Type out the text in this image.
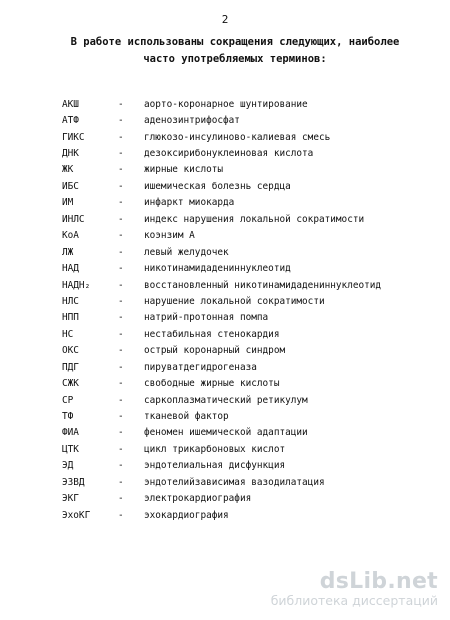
2
В работе использованы сокращения следующих, наиболее
часто употребляемых терминов:
АКШ	-	аорто-коронарное шунтирование
АТФ	-	аденозинтрифосфат
ГИКС	-	глюкозо-инсулиново-калиевая смесь
ДНК	-	дезоксирибонуклеиновая кислота
ЖК	-	жирные кислоты
ИБС	-	ишемическая болезнь сердца
ИМ	-	инфаркт миокарда
ИНЛС	-	индекс нарушения локальной сократимости
КоА	-	коэнзим А
ЛЖ	-	левый желудочек
НАД	-	никотинамидадениннуклеотид
НАДН₂	-	восстановленный никотинамидадениннуклеотид
НЛС	-	нарушение локальной сократимости
НПП	-	натрий-протонная помпа
НС	-	нестабильная стенокардия
ОКС	-	острый коронарный синдром
ПДГ	-	пируватдегидрогеназа
СЖК	-	свободные жирные кислоты
СР	-	саркоплазматический ретикулум
ТФ	-	тканевой фактор
ФИА	-	феномен ишемической адаптации
ЦТК	-	цикл трикарбоновых кислот
ЭД	-	эндотелиальная дисфункция
ЭЗВД	-	эндотелийзависимая вазодилатация
ЭКГ	-	электрокардиография
ЭхоКГ	-	эхокардиография
dsLib.net
библиотека диссертаций
